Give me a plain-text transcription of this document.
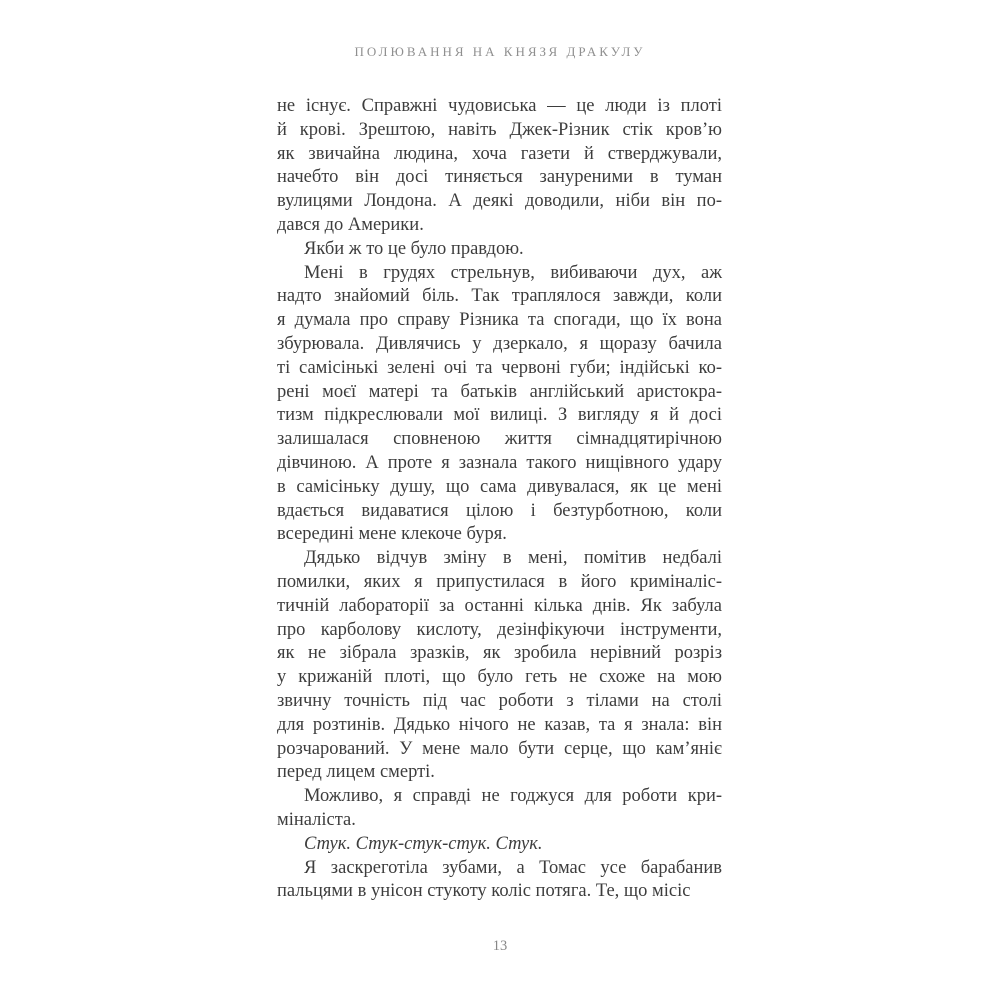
ПОЛЮВАННЯ НА КНЯЗЯ ДРАКУЛУ
не існує. Справжні чудовиська — це люди із плоті
й крові. Зрештою, навіть Джек-Різник стік кров’ю
як звичайна людина, хоча газети й стверджували,
начебто він досі тиняється зануреними в туман
вулицями Лондона. А деякі доводили, ніби він по-
дався до Америки.
Якби ж то це було правдою.
Мені в грудях стрельнув, вибиваючи дух, аж
надто знайомий біль. Так траплялося завжди, коли
я думала про справу Різника та спогади, що їх вона
збурювала. Дивлячись у дзеркало, я щоразу бачила
ті самісінькі зелені очі та червоні губи; індійські ко-
рені моєї матері та батьків англійський аристокра-
тизм підкреслювали мої вилиці. З вигляду я й досі
залишалася сповненою життя сімнадцятирічною
дівчиною. А проте я зазнала такого нищівного удару
в самісіньку душу, що сама дивувалася, як це мені
вдається видаватися цілою і безтурботною, коли
всередині мене клекоче буря.
Дядько відчув зміну в мені, помітив недбалі
помилки, яких я припустилася в його криміналіс-
тичній лабораторії за останні кілька днів. Як забула
про карболову кислоту, дезінфікуючи інструменти,
як не зібрала зразків, як зробила нерівний розріз
у крижаній плоті, що було геть не схоже на мою
звичну точність під час роботи з тілами на столі
для розтинів. Дядько нічого не казав, та я знала: він
розчарований. У мене мало бути серце, що кам’яніє
перед лицем смерті.
Можливо, я справді не годжуся для роботи кри-
міналіста.
Стук. Стук-стук-стук. Стук.
Я заскреготіла зубами, а Томас усе барабанив
пальцями в унісон стукоту коліс потяга. Те, що місіс
13
